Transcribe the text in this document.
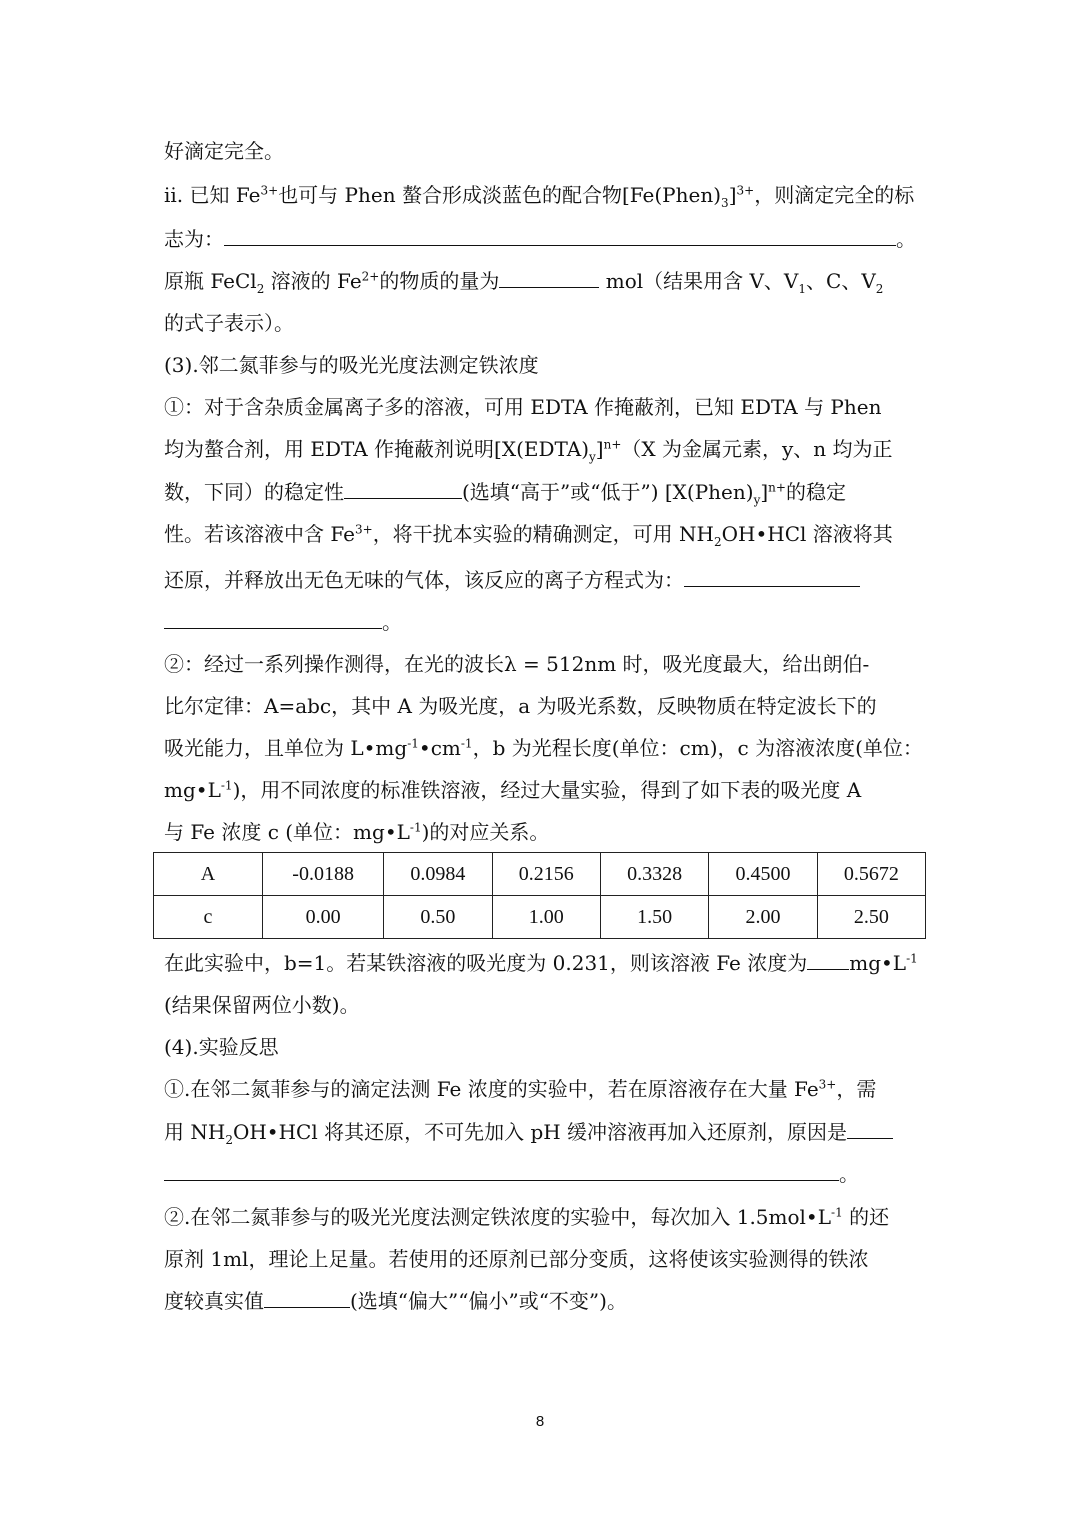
好滴定完全。
ii. 已知 $Fe^{3+}$也可与 Phen 螯合形成淡蓝色的配合物$[Fe(Phen)_3]^{3+}$，则滴定完全的标
志为：	。
原瓶 FeCl$_2$ 溶液的 $Fe^{2+}$的物质的量为	mol（结果用含 V、$V_1$、C、$V_2$
的式子表示）。
(3).邻二氮菲参与的吸光光度法测定铁浓度
①：对于含杂质金属离子多的溶液，可用 EDTA 作掩蔽剂，已知 EDTA 与 Phen
均为螯合剂，用 EDTA 作掩蔽剂说明$[X(EDTA)_y]^{n+}(X$ 为金属元素，y、n 均为正
数，下同）的稳定性	(选填“高于”或“低于”) $[X(Phen)_y]^{n+}$的稳定
性。若该溶液中含 $Fe^{3+}$，将干扰本实验的精确测定，可用 $NH_2OH•HCl$ 溶液将其
还原，并释放出无色无味的气体，该反应的离子方程式为：
。
②：经过一系列操作测得，在光的波长λ = 512nm 时，吸光度最大，给出朗伯-
比尔定律：A=abc，其中 A 为吸光度，a 为吸光系数，反映物质在特定波长下的
吸光能力，且单位为 $L•mg^{-1}•cm^{-1}$，b 为光程长度(单位：cm)，c 为溶液浓度(单位：
$mg•L^{-1}$)，用不同浓度的标准铁溶液，经过大量实验，得到了如下表的吸光度 A
与 Fe 浓度 c (单位：$mg•L^{-1}$)的对应关系。
A	-0.0188	0.0984	0.2156	0.3328	0.4500	0.5672
c	0.00	0.50	1.00	1.50	2.00	2.50
在此实验中，b=1。若某铁溶液的吸光度为 0.231，则该溶液 Fe 浓度为 $mg•L^{-1}$
(结果保留两位小数)。
(4).实验反思
①.在邻二氮菲参与的滴定法测 Fe 浓度的实验中，若在原溶液存在大量 $Fe^{3+}$，需
用 $NH_2OH•HCl$ 将其还原，不可先加入 pH 缓冲溶液再加入还原剂，原因是
。
②.在邻二氮菲参与的吸光光度法测定铁浓度的实验中，每次加入 $1.5mol•L^{-1}$ 的还
原剂 1ml，理论上足量。若使用的还原剂已部分变质，这将使该实验测得的铁浓
度较真实值	(选填“偏大”“偏小”或“不变”)。
8
